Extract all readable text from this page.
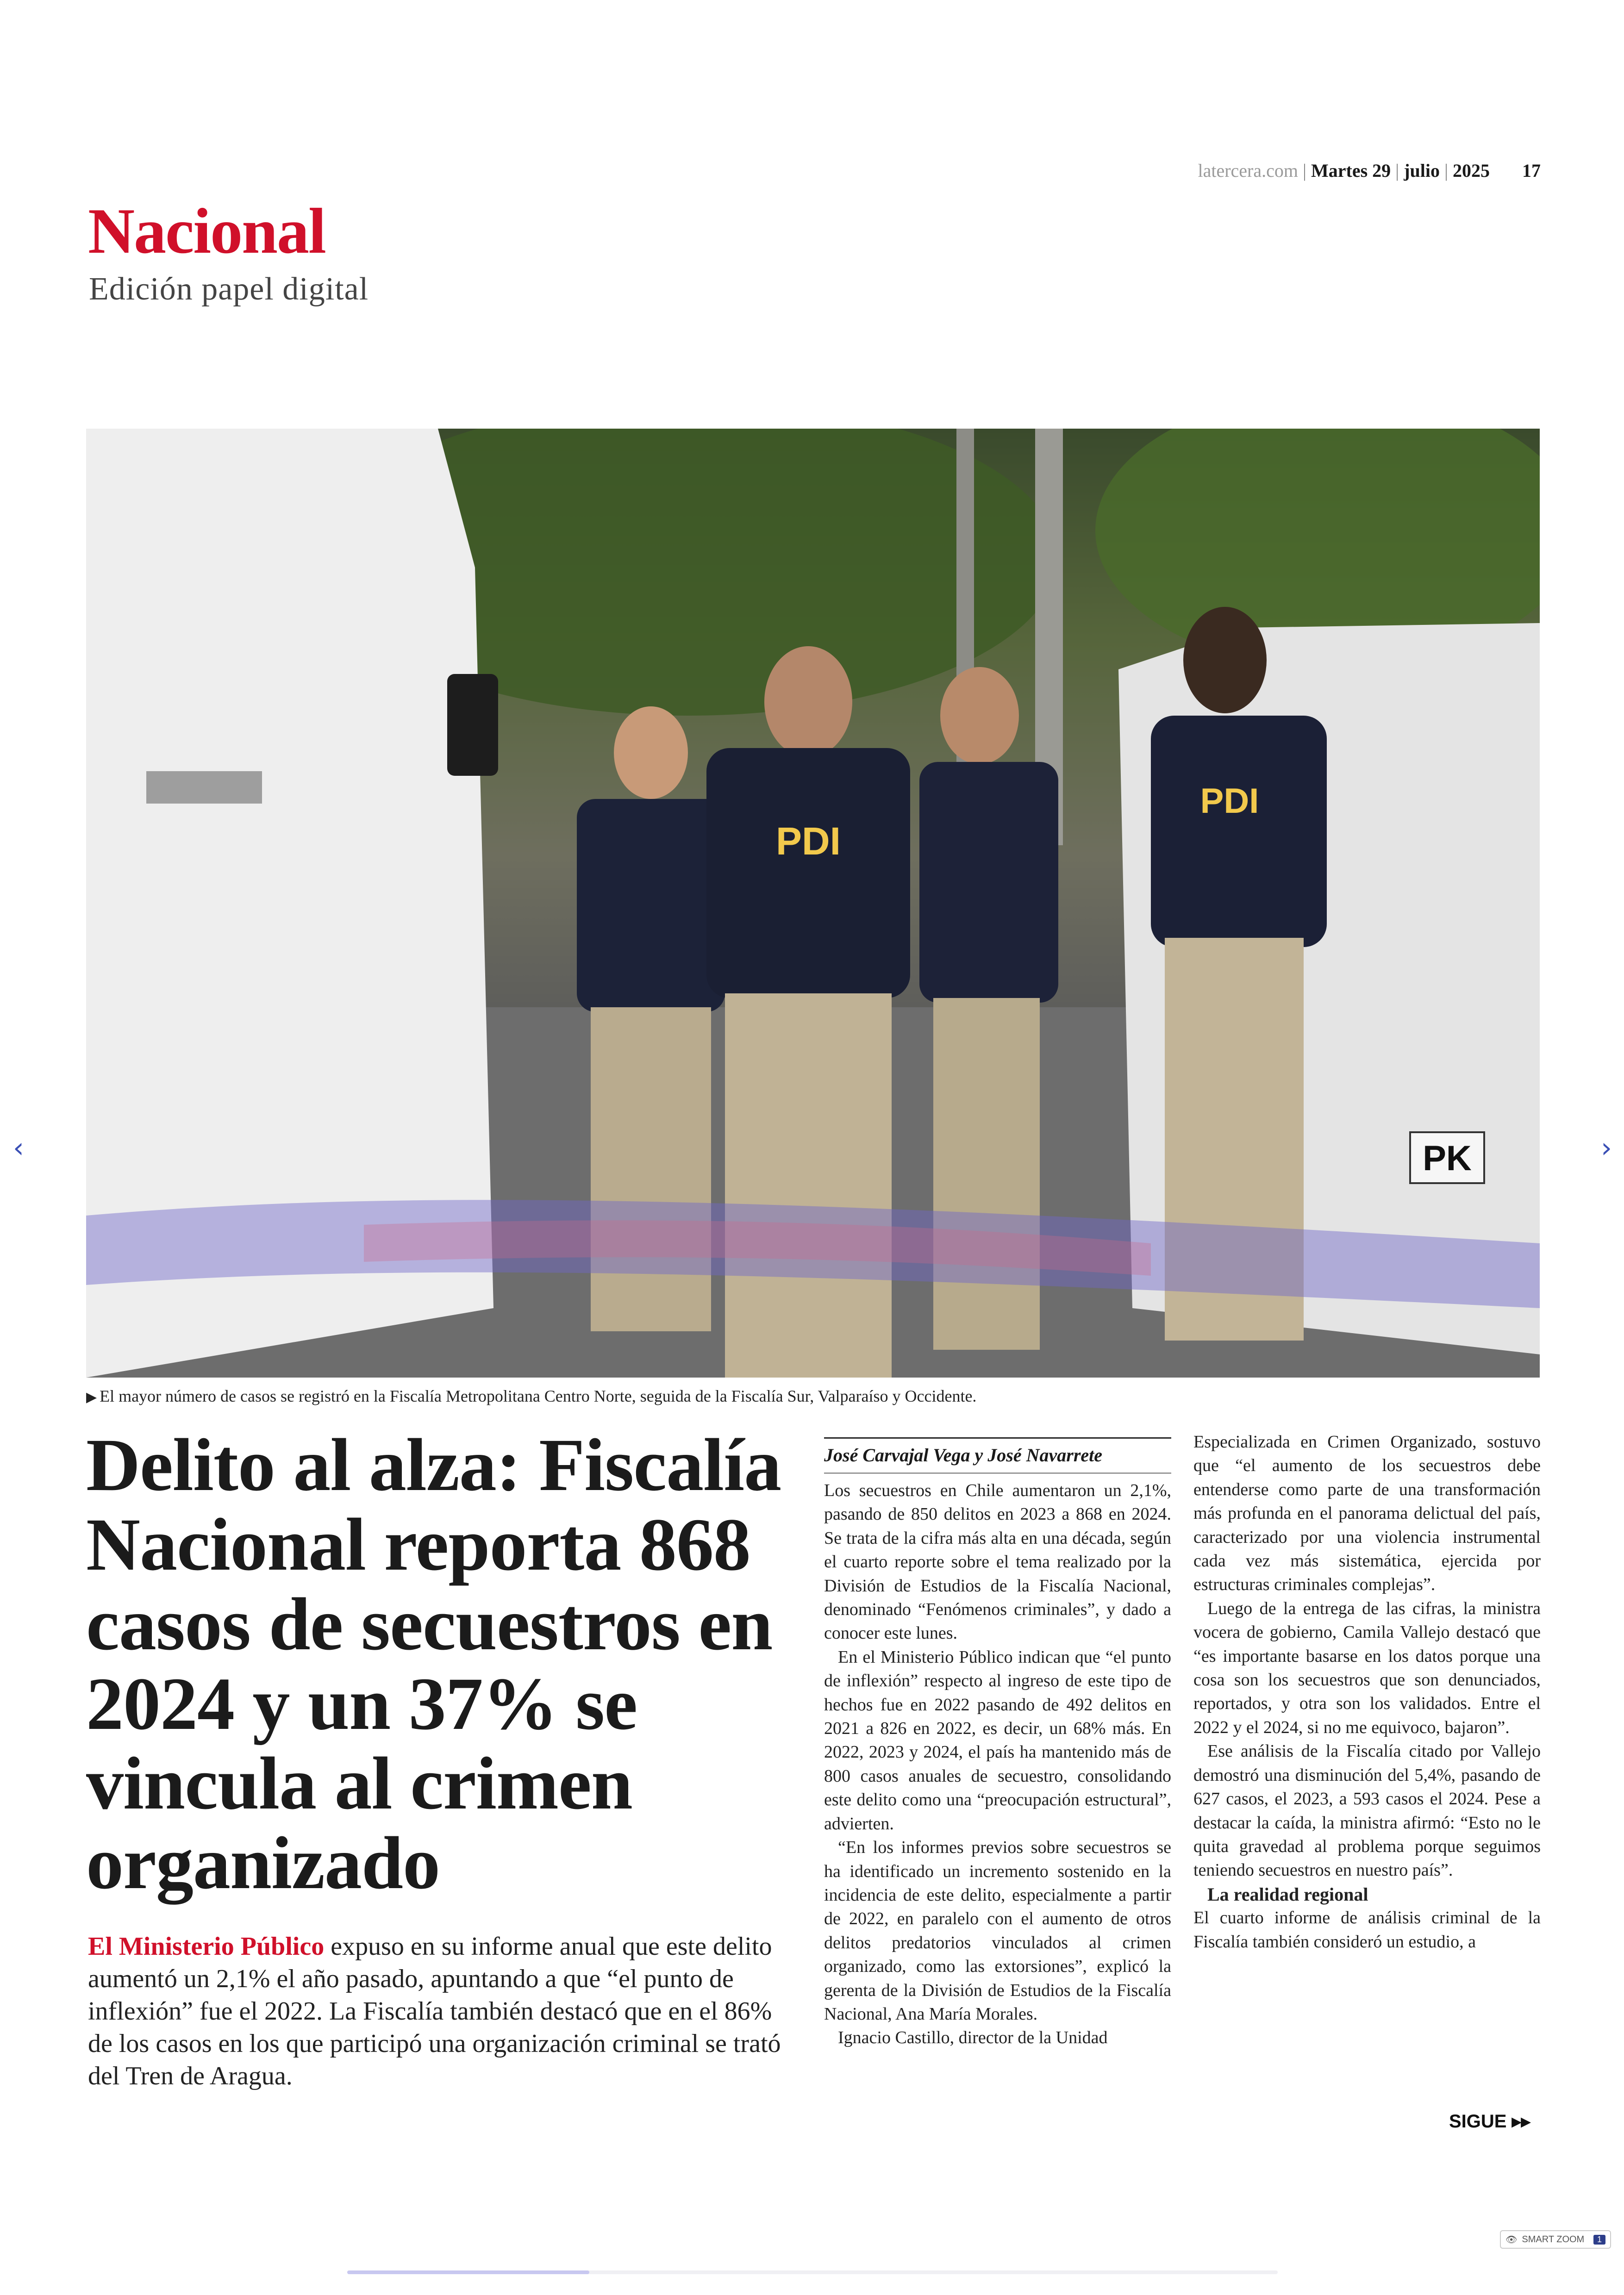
latercera.com | Martes 29 | julio | 2025 17
Nacional
Edición papel digital
PK
PDI
PDI
▶ El mayor número de casos se registró en la Fiscalía Metropolitana Centro Norte, seguida de la Fiscalía Sur, Valparaíso y Occidente.
Delito al alza: Fiscalía Nacional reporta 868 casos de secuestros en 2024 y un 37% se vincula al crimen organizado
El Ministerio Público expuso en su informe anual que este delito aumentó un 2,1% el año pasado, apuntando a que “el punto de inflexión” fue el 2022. La Fiscalía también destacó que en el 86% de los casos en los que participó una organización criminal se trató del Tren de Aragua.
José Carvajal Vega y José Navarrete

Los secuestros en Chile aumentaron un 2,1%, pasando de 850 delitos en 2023 a 868 en 2024. Se trata de la cifra más alta en una década, según el cuarto reporte sobre el tema realizado por la División de Estudios de la Fiscalía Nacional, denominado “Fenómenos criminales”, y dado a conocer este lunes.

En el Ministerio Público indican que “el punto de inflexión” respecto al ingreso de este tipo de hechos fue en 2022 pasando de 492 delitos en 2021 a 826 en 2022, es decir, un 68% más. En 2022, 2023 y 2024, el país ha mantenido más de 800 casos anuales de secuestro, consolidando este delito como una “preocupación estructural”, advierten.

“En los informes previos sobre secuestros se ha identificado un incremento sostenido en la incidencia de este delito, especialmente a partir de 2022, en paralelo con el aumento de otros delitos predatorios vinculados al crimen organizado, como las extorsiones”, explicó la gerenta de la División de Estudios de la Fiscalía Nacional, Ana María Morales.

Ignacio Castillo, director de la Unidad

Especializada en Crimen Organizado, sostuvo que “el aumento de los secuestros debe entenderse como parte de una transformación más profunda en el panorama delictual del país, caracterizado por una violencia instrumental cada vez más sistemática, ejercida por estructuras criminales complejas”.

Luego de la entrega de las cifras, la ministra vocera de gobierno, Camila Vallejo destacó que “es importante basarse en los datos porque una cosa son los secuestros que son denunciados, reportados, y otra son los validados. Entre el 2022 y el 2024, si no me equivoco, bajaron”.

Ese análisis de la Fiscalía citado por Vallejo demostró una disminución del 5,4%, pasando de 627 casos, el 2023, a 593 casos el 2024. Pese a destacar la caída, la ministra afirmó: “Esto no le quita gravedad al problema porque seguimos teniendo secuestros en nuestro país”.

La realidad regional

El cuarto informe de análisis criminal de la Fiscalía también consideró un estudio, a

SIGUE ▸▸
‹	›
👁 SMART ZOOM	1
